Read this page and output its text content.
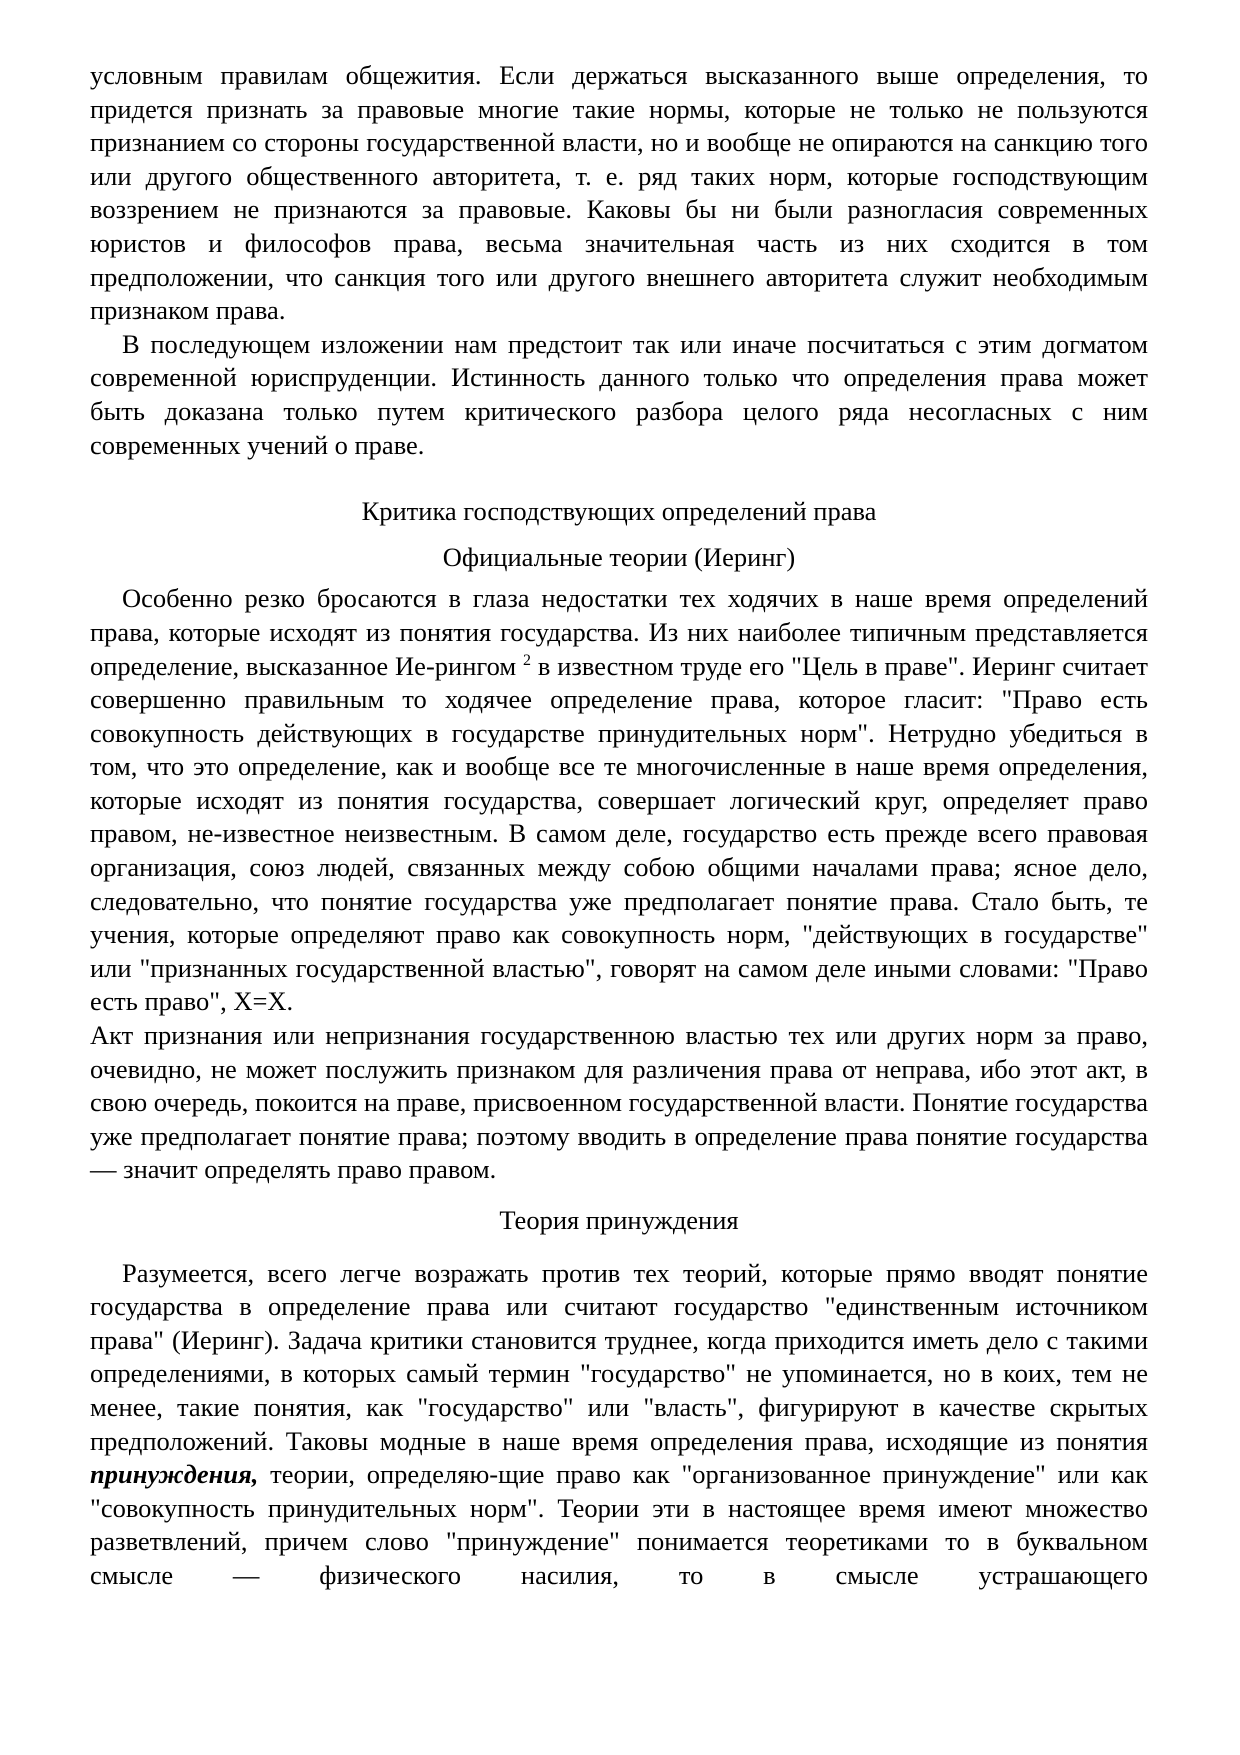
условным правилам общежития. Если держаться высказанного выше определения, то придется признать за правовые многие такие нормы, которые не только не пользуются признанием со стороны государственной власти, но и вообще не опираются на санкцию того или другого общественного авторитета, т. е. ряд таких норм, которые господствующим воззрением не признаются за правовые. Каковы бы ни были разногласия современных юристов и философов права, весьма значительная часть из них сходится в том предположении, что санкция того или другого внешнего авторитета служит необходимым признаком права.

В последующем изложении нам предстоит так или иначе посчитаться с этим догматом современной юриспруденции. Истинность данного только что определения права может быть доказана только путем критического разбора целого ряда несогласных с ним современных учений о праве.

Критика господствующих определений права

Официальные теории (Иеринг)

Особенно резко бросаются в глаза недостатки тех ходячих в наше время определений права, которые исходят из понятия государства. Из них наиболее типичным представляется определение, высказанное Ие-рингом $^2$ в известном труде его "Цель в праве". Иеринг считает совершенно правильным то ходячее определение права, которое гласит: "Право есть совокупность действующих в государстве принудительных норм". Нетрудно убедиться в том, что это определение, как и вообще все те многочисленные в наше время определения, которые исходят из понятия государства, совершает логический круг, определяет право правом, не-известное неизвестным. В самом деле, государство есть прежде всего правовая организация, союз людей, связанных между собою общими началами права; ясное дело, следовательно, что понятие государства уже предполагает понятие права. Стало быть, те учения, которые определяют право как совокупность норм, "действующих в государстве" или "признанных государственной властью", говорят на самом деле иными словами: "Право есть право", X=X.

Акт признания или непризнания государственною властью тех или других норм за право, очевидно, не может послужить признаком для различения права от неправа, ибо этот акт, в свою очередь, покоится на праве, присвоенном государственной власти. Понятие государства уже предполагает понятие права; поэтому вводить в определение права понятие государства — значит определять право правом.

Теория принуждения

Разумеется, всего легче возражать против тех теорий, которые прямо вводят понятие государства в определение права или считают государство "единственным источником права" (Иеринг). Задача критики становится труднее, когда приходится иметь дело с такими определениями, в которых самый термин "государство" не упоминается, но в коих, тем не менее, такие понятия, как "государство" или "власть", фигурируют в качестве скрытых предположений. Таковы модные в наше время определения права, исходящие из понятия принуждения, теории, определяю-щие право как "организованное принуждение" или как "совокупность принудительных норм". Теории эти в настоящее время имеют множество разветвлений, причем слово "принуждение" понимается теоретиками то в буквальном смысле — физического насилия, то в смысле устрашающего
